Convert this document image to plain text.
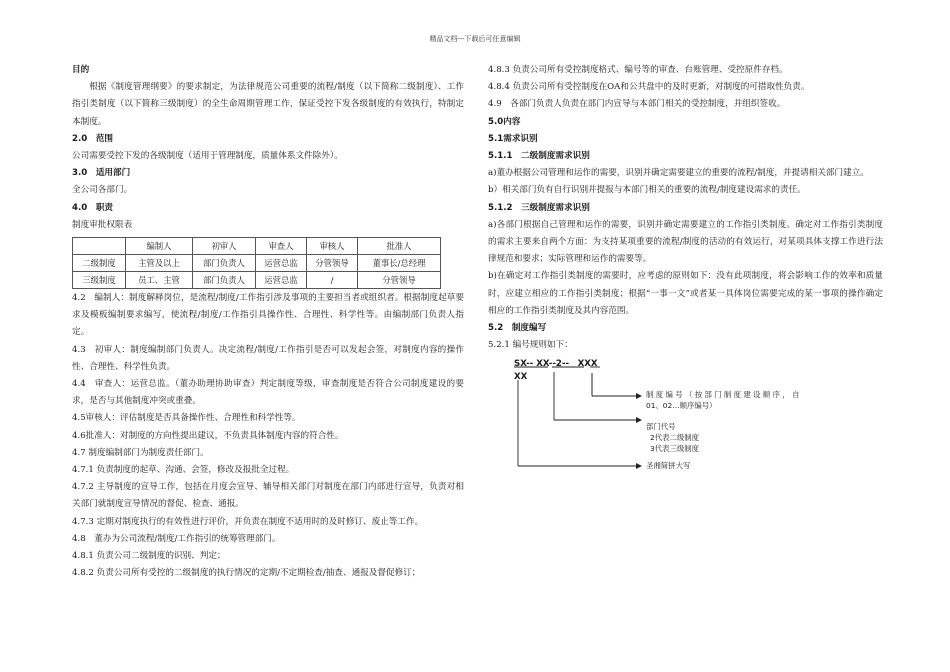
精品文档---下载后可任意编辑

目的

根据《制度管理纲要》的要求制定，为法律规范公司重要的流程/制度（以下简称二级制度）、工作指引类制度（以下简称三级制度）的全生命周期管理工作，保证受控下发各级制度的有效执行，特制定本制度。

2.0　范围

公司需要受控下发的各级制度（适用于管理制度，质量体系文件除外）。

3.0　适用部门

全公司各部门。

4.0　职责

制度审批权限表

	编制人	初审人	审查人	审核人	批准人
二级制度	主管及以上	部门负责人	运营总监	分管领导	董事长/总经理
三级制度	员工、主管	部门负责人	运营总监	/	分管领导

4.2　编制人：制度解释岗位，是流程/制度/工作指引涉及事项的主要担当者或组织者。根据制度起草要求及模板编制要求编写，使流程/制度/工作指引具操作性、合理性、科学性等。由编制部门负责人指定。

4.3　初审人：制度编制部门负责人。决定流程/制度/工作指引是否可以发起会签，对制度内容的操作性、合理性、科学性负责。

4.4　审查人：运营总监。（董办助理协助审查）判定制度等级，审查制度是否符合公司制度建设的要求，是否与其他制度冲突或重叠。

4.5审核人：评估制度是否具备操作性、合理性和科学性等。

4.6批准人：对制度的方向性提出建议，不负责具体制度内容的符合性。

4.7 制度编制部门为制度责任部门。

4.7.1 负责制度的起草、沟通、会签，修改及报批全过程。

4.7.2 主导制度的宣导工作，包括在月度会宣导、辅导相关部门对制度在部门内部进行宣导，负责对相关部门就制度宣导情况的督促、检查、通报。

4.7.3 定期对制度执行的有效性进行评价，并负责在制度不适用时的及时修订、废止等工作。

4.8　董办为公司流程/制度/工作指引的统筹管理部门。

4.8.1 负责公司二级制度的识别、判定；

4.8.2 负责公司所有受控的二级制度的执行情况的定期/不定期检查/抽查、通报及督促修订；

4.8.3 负责公司所有受控制度格式、编号等的审查、台账管理、受控原件存档。

4.8.4 负责公司所有受控制度在OA和公共盘中的及时更新，对制度的可措取性负责。

4.9　各部门负责人负责在部门内宣导与本部门相关的受控制度，并组织签收。

5.0内容

5.1需求识别

5.1.1　二级制度需求识别

a)董办根据公司管理和运作的需要，识别并确定需要建立的重要的流程/制度，并提请相关部门建立。

b）相关部门负有自行识别并提报与本部门相关的重要的流程/制度建设需求的责任。

5.1.2　三级制度需求识别

a)各部门根据自己管理和运作的需要，识别并确定需要建立的工作指引类制度。确定对工作指引类制度的需求主要来自两个方面：为支持某项重要的流程/制度的活动的有效运行，对某项具体支撑工作进行法律规范和要求；实际管理和运作的需要等。

b)在确定对工作指引类制度的需要时，应考虑的原则如下：没有此项制度，将会影响工作的效率和质量时，应建立相应的工作指引类制度；根据“一事一文”或者某一具体岗位需要完成的某一事项的操作确定相应的工作指引类制度及其内容范围。

5.2　制度编写

5.2.1 编号规则如下：

SX-- XX--2--　XXX
XX
制 度 编 号 （ 按 部 门 制 度 建 设 顺 序 ， 自
01、02…顺序编号）
部门代号
2代表二级制度
3代表三级制度
圣湘简拼大写
